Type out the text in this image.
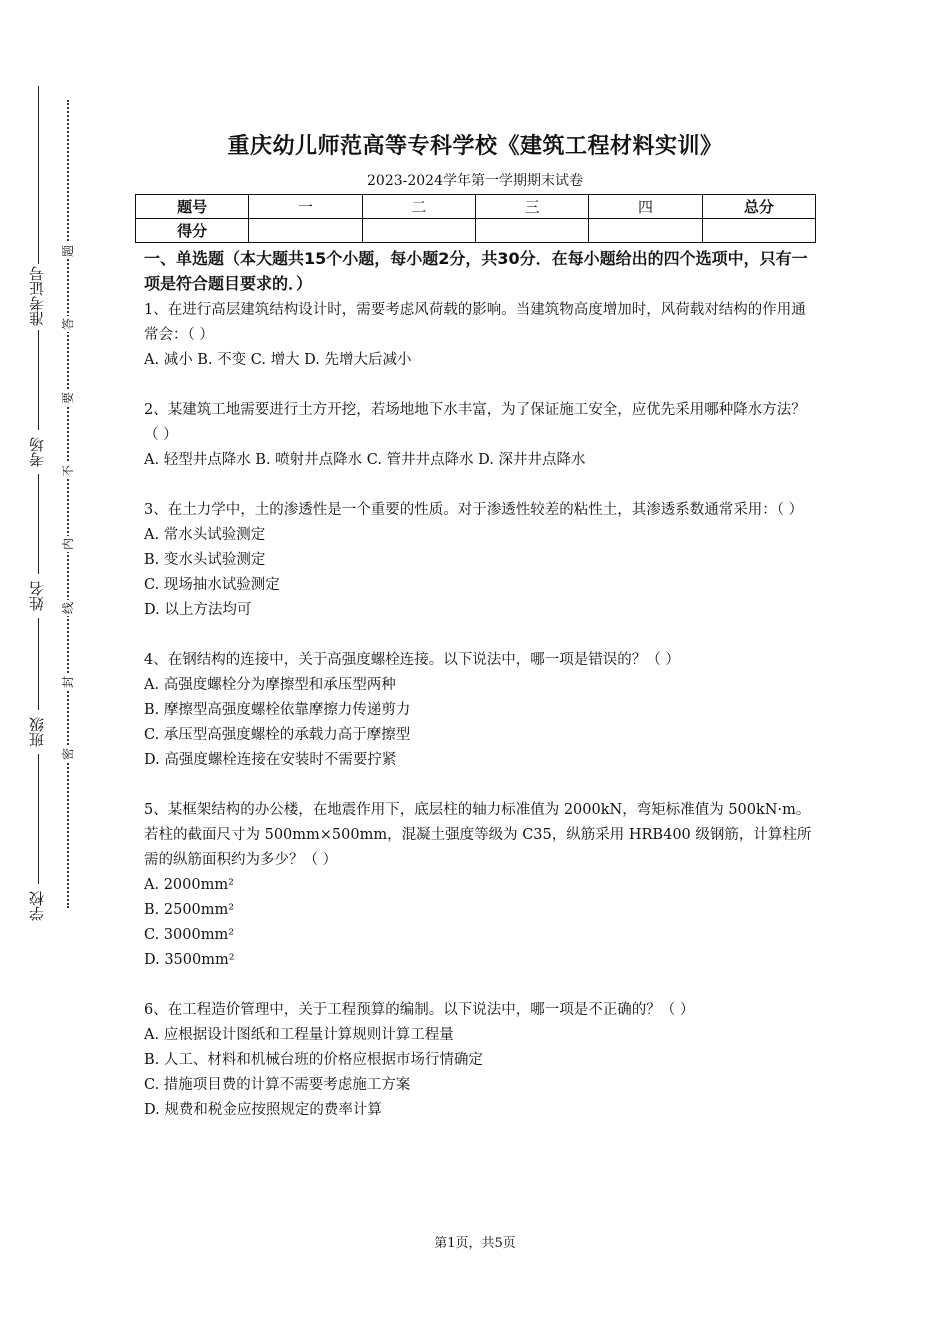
准考证号
考场
姓名
班级
学校
题
答
要
不
内
线
封
密
重庆幼儿师范高等专科学校《建筑工程材料实训》
2023-2024学年第一学期期末试卷
题号	一	二	三	四	总分
得分					

一、单选题（本大题共15个小题，每小题2分，共30分．在每小题给出的四个选项中，只有一项是符合题目要求的．）

1、在进行高层建筑结构设计时，需要考虑风荷载的影响。当建筑物高度增加时，风荷载对结构的作用通常会：（ ）

A. 减小 B. 不变 C. 增大 D. 先增大后减小

2、某建筑工地需要进行土方开挖，若场地地下水丰富，为了保证施工安全，应优先采用哪种降水方法？（ ）

A. 轻型井点降水 B. 喷射井点降水 C. 管井井点降水 D. 深井井点降水

3、在土力学中，土的渗透性是一个重要的性质。对于渗透性较差的粘性土，其渗透系数通常采用：（ ）

A. 常水头试验测定

B. 变水头试验测定

C. 现场抽水试验测定

D. 以上方法均可

4、在钢结构的连接中，关于高强度螺栓连接。以下说法中，哪一项是错误的？（ ）

A. 高强度螺栓分为摩擦型和承压型两种

B. 摩擦型高强度螺栓依靠摩擦力传递剪力

C. 承压型高强度螺栓的承载力高于摩擦型

D. 高强度螺栓连接在安装时不需要拧紧

5、某框架结构的办公楼，在地震作用下，底层柱的轴力标准值为 2000kN，弯矩标准值为 500kN·m。若柱的截面尺寸为 500mm×500mm，混凝土强度等级为 C35，纵筋采用 HRB400 级钢筋，计算柱所需的纵筋面积约为多少？（ ）

A. 2000mm²

B. 2500mm²

C. 3000mm²

D. 3500mm²

6、在工程造价管理中，关于工程预算的编制。以下说法中，哪一项是不正确的？（ ）

A. 应根据设计图纸和工程量计算规则计算工程量

B. 人工、材料和机械台班的价格应根据市场行情确定

C. 措施项目费的计算不需要考虑施工方案

D. 规费和税金应按照规定的费率计算

第1页，共5页
